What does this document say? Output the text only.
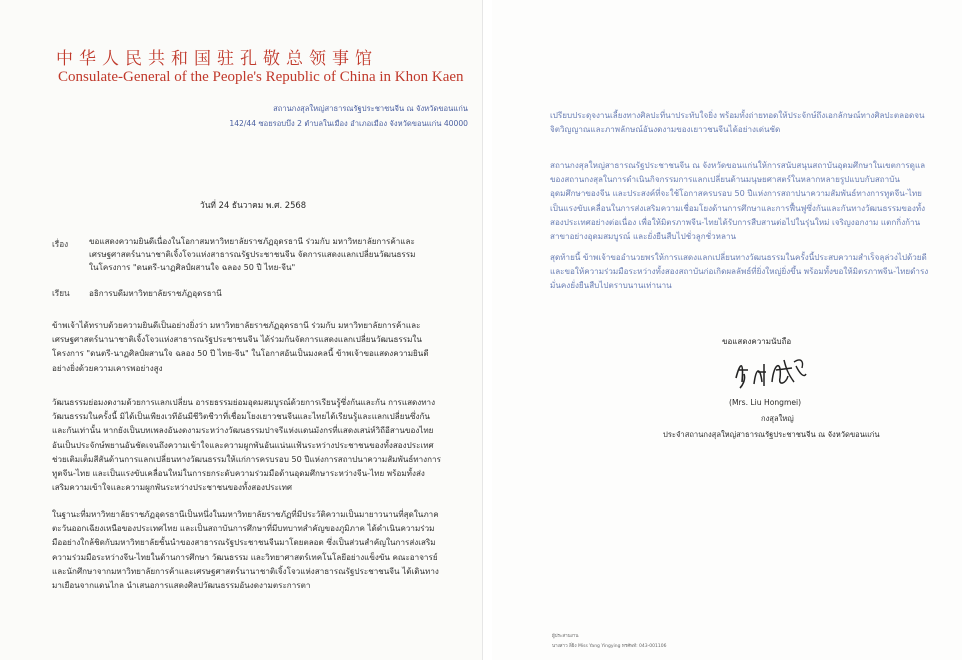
中华人民共和国驻孔敬总领事馆
Consulate-General of the People's Republic of China in Khon Kaen
สถานกงสุลใหญ่สาธารณรัฐประชาชนจีน ณ จังหวัดขอนแก่น
142/44 ซอยรอบบึง 2 ตำบลในเมือง อำเภอเมือง จังหวัดขอนแก่น 40000
วันที่ 24 ธันวาคม พ.ศ. 2568
เรื่อง	ขอแสดงความยินดีเนื่องในโอกาสมหาวิทยาลัยราชภัฏอุดรธานี ร่วมกับ มหาวิทยาลัยการค้าและเศรษฐศาสตร์นานาชาติเจิ้งโจวแห่งสาธารณรัฐประชาชนจีน จัดการแสดงแลกเปลี่ยนวัฒนธรรมในโครงการ "ดนตรี-นาฏศิลป์ผสานใจ ฉลอง 50 ปี ไทย-จีน"
เรียน อธิการบดีมหาวิทยาลัยราชภัฏอุดรธานี
ข้าพเจ้าได้ทราบด้วยความยินดีเป็นอย่างยิ่งว่า มหาวิทยาลัยราชภัฏอุดรธานี ร่วมกับ มหาวิทยาลัยการค้าและเศรษฐศาสตร์นานาชาติเจิ้งโจวแห่งสาธารณรัฐประชาชนจีน ได้ร่วมกันจัดการแสดงแลกเปลี่ยนวัฒนธรรมในโครงการ "ดนตรี-นาฏศิลป์ผสานใจ ฉลอง 50 ปี ไทย-จีน" ในโอกาสอันเป็นมงคลนี้ ข้าพเจ้าขอแสดงความยินดีอย่างยิ่งด้วยความเคารพอย่างสูง
วัฒนธรรมย่อมงดงามด้วยการแลกเปลี่ยน อารยธรรมย่อมอุดมสมบูรณ์ด้วยการเรียนรู้ซึ่งกันและกัน การแสดงทางวัฒนธรรมในครั้งนี้ มิได้เป็นเพียงเวทีอันมีชีวิตชีวาที่เชื่อมโยงเยาวชนจีนและไทยได้เรียนรู้และแลกเปลี่ยนซึ่งกันและกันเท่านั้น หากยังเป็นบทเพลงอันงดงามระหว่างวัฒนธรรมปาจรีแห่งแดนมังกรที่แสดงเสน่ห์วิถีอีสานของไทย อันเป็นประจักษ์พยานอันชัดเจนถึงความเข้าใจและความผูกพันอันแน่นแฟ้นระหว่างประชาชนของทั้งสองประเทศ ช่วยเติมเต็มสีสันด้านการแลกเปลี่ยนทางวัฒนธรรมให้แก่การครบรอบ 50 ปีแห่งการสถาปนาความสัมพันธ์ทางการทูตจีน-ไทย และเป็นแรงขับเคลื่อนใหม่ในการยกระดับความร่วมมือด้านอุดมศึกษาระหว่างจีน-ไทย พร้อมทั้งส่งเสริมความเข้าใจและความผูกพันระหว่างประชาชนของทั้งสองประเทศ
ในฐานะที่มหาวิทยาลัยราชภัฏอุดรธานีเป็นหนึ่งในมหาวิทยาลัยราชภัฏที่มีประวัติความเป็นมายาวนานที่สุดในภาคตะวันออกเฉียงเหนือของประเทศไทย และเป็นสถาบันการศึกษาที่มีบทบาทสำคัญของภูมิภาค ได้ดำเนินความร่วมมืออย่างใกล้ชิดกับมหาวิทยาลัยชั้นนำของสาธารณรัฐประชาชนจีนมาโดยตลอด ซึ่งเป็นส่วนสำคัญในการส่งเสริมความร่วมมือระหว่างจีน-ไทยในด้านการศึกษา วัฒนธรรม และวิทยาศาสตร์เทคโนโลยีอย่างแข็งขัน คณะอาจารย์และนักศึกษาจากมหาวิทยาลัยการค้าและเศรษฐศาสตร์นานาชาติเจิ้งโจวแห่งสาธารณรัฐประชาชนจีน ได้เดินทางมาเยือนจากแดนไกล นำเสนอการแสดงศิลปวัฒนธรรมอันงดงามตระการตา
เปรียบประดุจงานเลี้ยงทางศิลปะที่นาประทับใจยิ่ง พร้อมทั้งถ่ายทอดให้ประจักษ์ถึงเอกลักษณ์ทางศิลปะตลอดจนจิตวิญญาณและภาพลักษณ์อันงดงามของเยาวชนจีนได้อย่างเด่นชัด
สถานกงสุลใหญ่สาธารณรัฐประชาชนจีน ณ จังหวัดขอนแก่นให้การสนับสนุนสถาบันอุดมศึกษาในเขตการดูแลของสถานกงสุลในการดำเนินกิจกรรมการแลกเปลี่ยนด้านมนุษยศาสตร์ในหลากหลายรูปแบบกับสถาบันอุดมศึกษาของจีน และประสงค์ที่จะใช้โอกาสครบรอบ 50 ปีแห่งการสถาปนาความสัมพันธ์ทางการทูตจีน-ไทย เป็นแรงขับเคลื่อนในการส่งเสริมความเชื่อมโยงด้านการศึกษาและการฟื้นฟูซึ่งกันและกันทางวัฒนธรรมของทั้งสองประเทศอย่างต่อเนื่อง เพื่อให้มิตรภาพจีน-ไทยได้รับการสืบสานต่อไปในรุ่นใหม่ เจริญงอกงาม แตกกิ่งก้านสาขาอย่างอุดมสมบูรณ์ และยั่งยืนสืบไปชั่วลูกชั่วหลาน
สุดท้ายนี้ ข้าพเจ้าขออำนวยพรให้การแสดงแลกเปลี่ยนทางวัฒนธรรมในครั้งนี้ประสบความสำเร็จลุล่วงไปด้วยดี และขอให้ความร่วมมือระหว่างทั้งสองสถาบันก่อเกิดผลลัพธ์ที่ยิ่งใหญ่ยิ่งขึ้น พร้อมทั้งขอให้มิตรภาพจีน-ไทยดำรงมั่นคงยั่งยืนสืบไปตราบนานเท่านาน
ขอแสดงความนับถือ
(Mrs. Liu Hongmei)
กงสุลใหญ่
ประจำสถานกงสุลใหญ่สาธารณรัฐประชาชนจีน ณ จังหวัดขอนแก่น
ผู้ประสานงาน
นางสาว ลิ่ยิง Miss Yang Yingying ทรศัพท์: 043-001106
